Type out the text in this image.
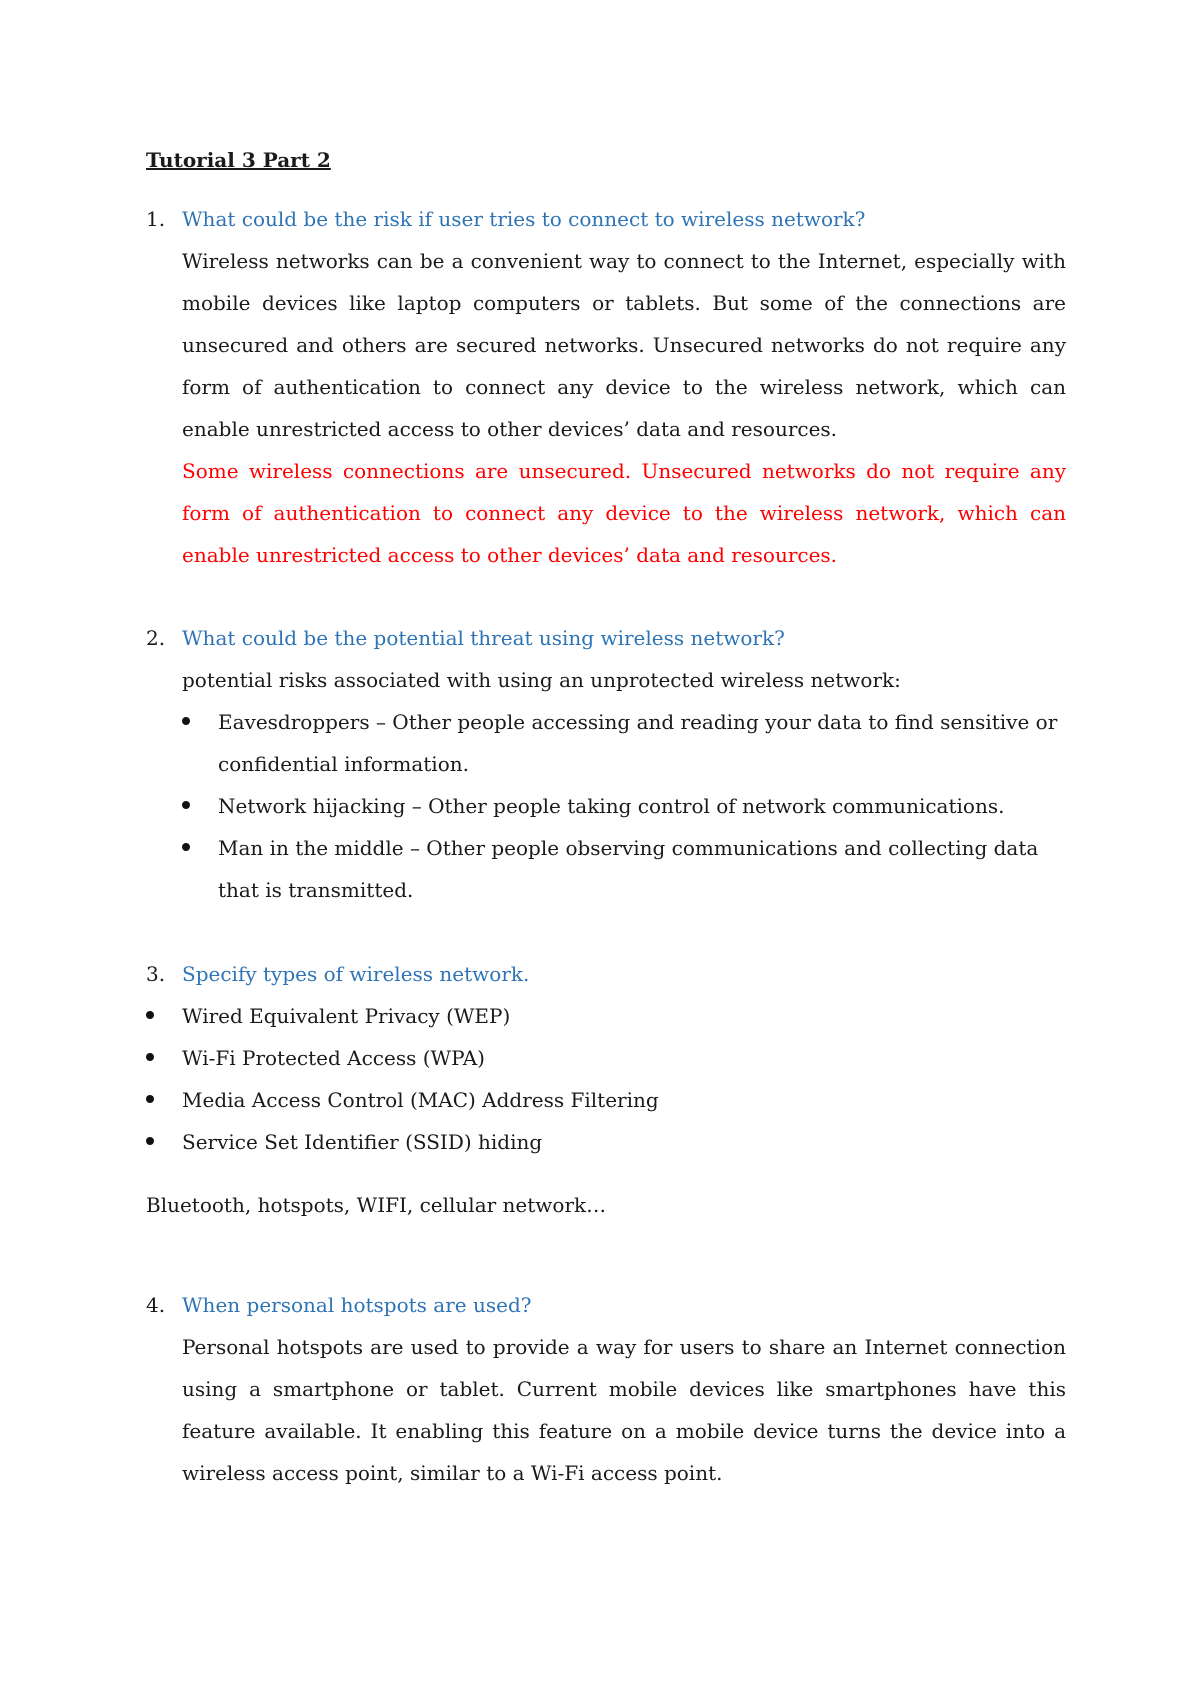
Tutorial 3 Part 2
1. What could be the risk if user tries to connect to wireless network?
Wireless networks can be a convenient way to connect to the Internet, especially with mobile devices like laptop computers or tablets. But some of the connections are unsecured and others are secured networks. Unsecured networks do not require any form of authentication to connect any device to the wireless network, which can enable unrestricted access to other devices’ data and resources.
Some wireless connections are unsecured. Unsecured networks do not require any form of authentication to connect any device to the wireless network, which can enable unrestricted access to other devices’ data and resources.
2. What could be the potential threat using wireless network?
potential risks associated with using an unprotected wireless network:
Eavesdroppers – Other people accessing and reading your data to find sensitive or confidential information.
Network hijacking – Other people taking control of network communications.
Man in the middle – Other people observing communications and collecting data that is transmitted.
3. Specify types of wireless network.
Wired Equivalent Privacy (WEP)
Wi-Fi Protected Access (WPA)
Media Access Control (MAC) Address Filtering
Service Set Identifier (SSID) hiding
Bluetooth, hotspots, WIFI, cellular network…
4. When personal hotspots are used?
Personal hotspots are used to provide a way for users to share an Internet connection using a smartphone or tablet. Current mobile devices like smartphones have this feature available. It enabling this feature on a mobile device turns the device into a wireless access point, similar to a Wi-Fi access point.
